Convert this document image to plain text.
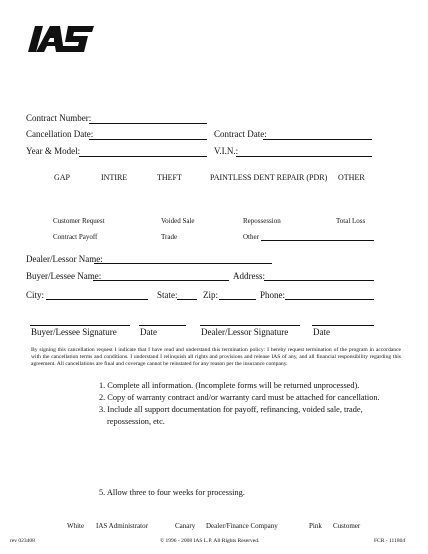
Contract Number:
Cancellation Date:	Contract Date:
Year & Model:	V.I.N.:
GAP	INTIRE	THEFT	PAINTLESS DENT REPAIR (PDR) OTHER
Customer Request	Voided Sale	Repossession	Total Loss
Contract Payoff	Trade	Other
Dealer/Lessor Name:
Buyer/Lessee Name:	Address:
City:	State:	Zip:	Phone:
Buyer/Lessee Signature	Date	Dealer/Lessor Signature	Date
By signing this cancellation request I indicate that I have read and understand this termination policy: I hereby request termination of the program in accordance with the cancellation terms and conditions. I understand I relinquish all rights and provisions and release IAS of any, and all financial responsibility regarding this agreement. All cancellations are final and coverage cannot be reinstated for any reason per the insurance company.
1. Complete all information. (Incomplete forms will be returned unprocessed).
2. Copy of warranty contract and/or warranty card must be attached for cancellation.
3. Include all support documentation for payoff, refinancing, voided sale, trade,
repossession, etc.
5. Allow three to four weeks for processing.
White IAS Administrator	Canary Dealer/Finance Company	Pink Customer
rev 023408	© 1996 - 2008 IAS L.P. All Rights Reserved.	FCR - 111804
